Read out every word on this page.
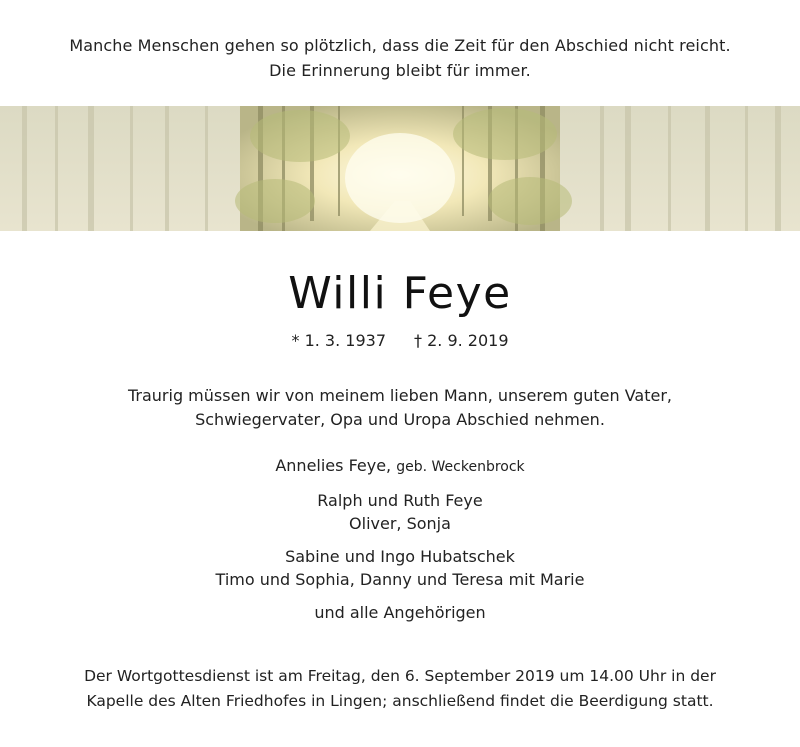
Manche Menschen gehen so plötzlich, dass die Zeit für den Abschied nicht reicht.
Die Erinnerung bleibt für immer.
Willi Feye
* 1. 3. 1937 † 2. 9. 2019
Traurig müssen wir von meinem lieben Mann, unserem guten Vater,
Schwiegervater, Opa und Uropa Abschied nehmen.
Annelies Feye, geb. Weckenbrock
Ralph und Ruth Feye
Oliver, Sonja
Sabine und Ingo Hubatschek
Timo und Sophia, Danny und Teresa mit Marie
und alle Angehörigen
Der Wortgottesdienst ist am Freitag, den 6. September 2019 um 14.00 Uhr in der
Kapelle des Alten Friedhofes in Lingen; anschließend findet die Beerdigung statt.
